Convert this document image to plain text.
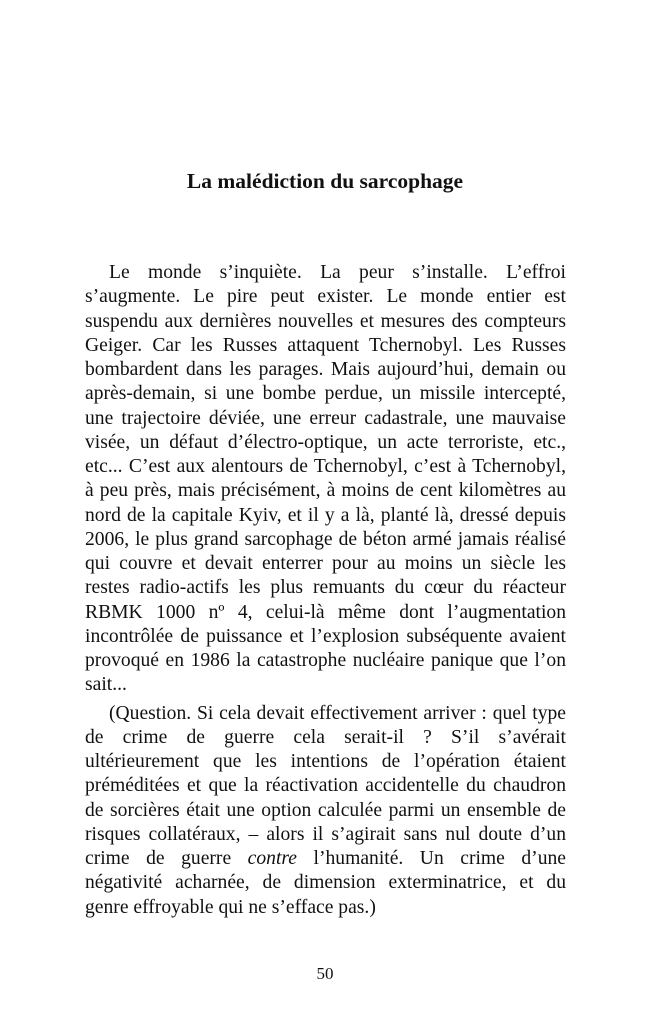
La malédiction du sarcophage

Le monde s’inquiète. La peur s’installe. L’effroi s’augmente. Le pire peut exister. Le monde entier est suspendu aux dernières nouvelles et mesures des compteurs Geiger. Car les Russes attaquent Tchernobyl. Les Russes bombardent dans les parages. Mais aujourd’hui, demain ou après-demain, si une bombe perdue, un missile intercepté, une trajectoire déviée, une erreur cadastrale, une mauvaise visée, un défaut d’électro-optique, un acte terroriste, etc., etc... C’est aux alentours de Tchernobyl, c’est à Tchernobyl, à peu près, mais précisément, à moins de cent kilomètres au nord de la capitale Kyiv, et il y a là, planté là, dressé depuis 2006, le plus grand sarcophage de béton armé jamais réalisé qui couvre et devait enterrer pour au moins un siècle les restes radio-actifs les plus remuants du cœur du réacteur RBMK 1000 nº 4, celui-là même dont l’augmentation incontrôlée de puissance et l’explosion subséquente avaient provoqué en 1986 la catastrophe nucléaire panique que l’on sait...

(Question. Si cela devait effectivement arriver : quel type de crime de guerre cela serait-il ? S’il s’avérait ultérieurement que les intentions de l’opération étaient préméditées et que la réactivation accidentelle du chaudron de sorcières était une option calculée parmi un ensemble de risques collatéraux, – alors il s’agirait sans nul doute d’un crime de guerre contre l’humanité. Un crime d’une négativité acharnée, de dimension exterminatrice, et du genre effroyable qui ne s’efface pas.)

50
